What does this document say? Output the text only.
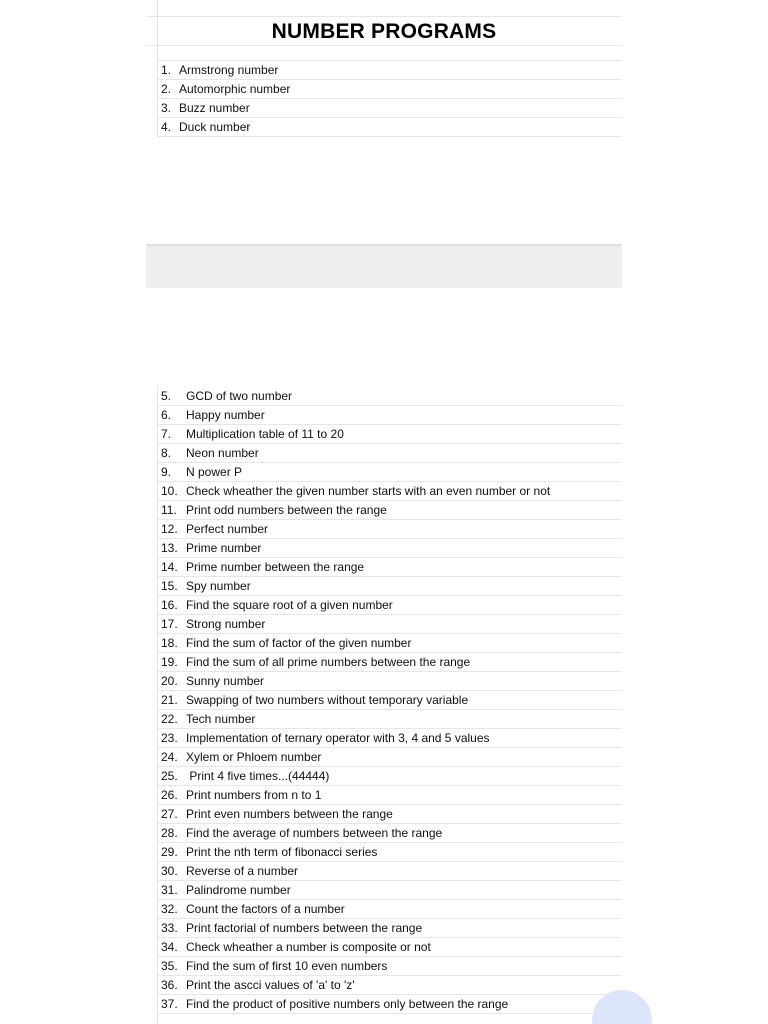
NUMBER PROGRAMS
1. Armstrong number
2. Automorphic number
3. Buzz number
4. Duck number
5. GCD of two number
6. Happy number
7. Multiplication table of 11 to 20
8. Neon number
9. N power P
10. Check wheather the given number starts with an even number or not
11. Print odd numbers between the range
12. Perfect number
13. Prime number
14. Prime number between the range
15. Spy number
16. Find the square root of a given number
17. Strong number
18. Find the sum of factor of the given number
19. Find the sum of all prime numbers between the range
20. Sunny number
21. Swapping of two numbers without temporary variable
22. Tech number
23. Implementation of ternary operator with 3, 4 and 5 values
24. Xylem or Phloem number
25. Print 4 five times...(44444)
26. Print numbers from n to 1
27. Print even numbers between the range
28. Find the average of numbers between the range
29. Print the nth term of fibonacci series
30. Reverse of a number
31. Palindrome number
32. Count the factors of a number
33. Print factorial of numbers between the range
34. Check wheather a number is composite or not
35. Find the sum of first 10 even numbers
36. Print the ascci values of 'a' to 'z'
37. Find the product of positive numbers only between the range
